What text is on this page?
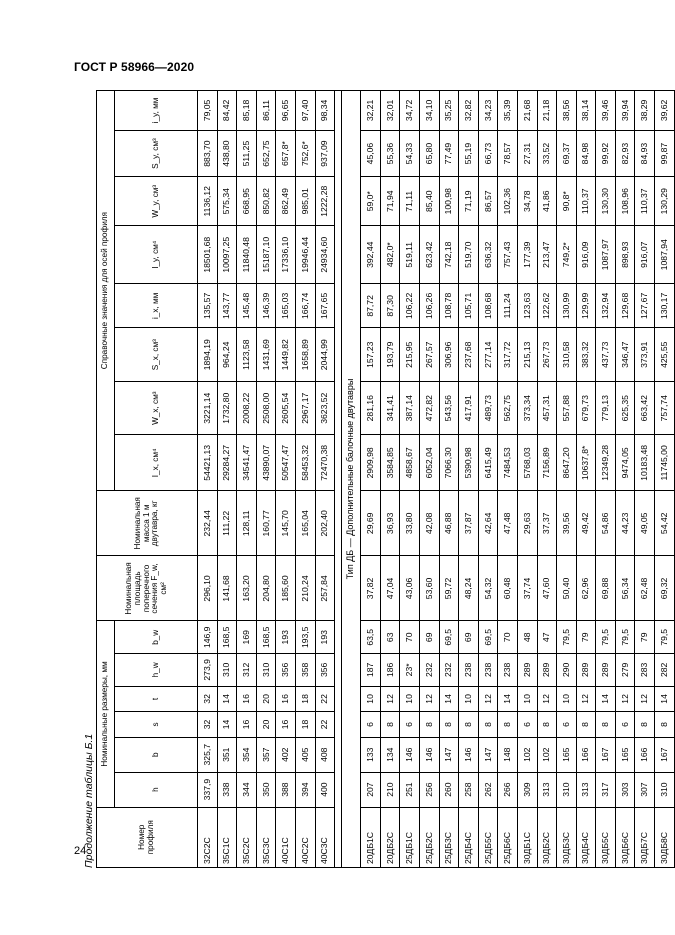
ГОСТ Р 58966—2020
24
Продолжение таблицы Б.1	Номер профиля	Номинальные размеры, мм						Номинальная площадь поперечного сечения F_w, см²	Номинальная масса 1 м двутавра, кг	Справочные значения для осей профиля							
	h	b	s	t	h_w	b_w			I_x, см⁴	W_x, см³	S_x, см³	i_x, мм	I_y, см⁴	W_y, см³	S_y, см³	i_y, мм
32С2С	337,9	325,7	32	32	273,9	146,9	296,10	232,44	54421,13	3221,14	1894,19	135,57	18501,68	1136,12	883,70	79,05
35С1С	338	351	14	14	310	168,5	141,68	111,22	29284,27	1732,80	964,24	143,77	10097,25	575,34	438,80	84,42
35С2С	344	354	16	16	312	169	163,20	128,11	34541,47	2008,22	1123,58	145,48	11840,48	668,95	511,25	85,18
35С3С	350	357	20	20	310	168,5	204,80	160,77	43890,07	2508,00	1431,69	146,39	15187,10	850,82	652,75	86,11
40С1С	388	402	16	16	356	193	185,60	145,70	50547,47	2605,54	1449,82	165,03	17336,10	862,49	657,8*	96,65
40С2С	394	405	18	18	358	193,5	210,24	165,04	58453,32	2967,17	1658,89	166,74	19946,44	985,01	752,6*	97,40
40С3С	400	408	22	22	356	193	257,84	202,40	72470,38	3623,52	2044,99	167,65	24934,60	1222,28	937,09	98,34

Тип ДБ — Дополнительные балочные двутавры																
20ДБ1С	207	133	6	10	187	63,5	37,82	29,69	2909,98	281,16	157,23	87,72	392,44	59,0*	45,06	32,21
20ДБ2С	210	134	8	12	186	63	47,04	36,93	3584,85	341,41	193,79	87,30	482,0*	71,94	55,36	32,01
25ДБ1С	251	146	6	10	23*	70	43,06	33,80	4858,67	387,14	215,95	106,22	519,11	71,11	54,33	34,72
25ДБ2С	256	146	8	12	232	69	53,60	42,08	6052,04	472,82	267,57	106,26	623,42	85,40	65,80	34,10
25ДБ3С	260	147	8	14	232	69,5	59,72	46,88	7066,30	543,56	306,96	108,78	742,18	100,98	77,49	35,25
25ДБ4С	258	146	8	10	238	69	48,24	37,87	5390,98	417,91	237,68	105,71	519,70	71,19	55,19	32,82
25ДБ5С	262	147	8	12	238	69,5	54,32	42,64	6415,49	489,73	277,14	108,68	636,32	86,57	66,73	34,23
25ДБ6С	266	148	8	14	238	70	60,48	47,48	7484,53	562,75	317,72	111,24	757,43	102,36	78,57	35,39
30ДБ1С	309	102	6	10	289	48	37,74	29,63	5768,03	373,34	215,13	123,63	177,39	34,78	27,31	21,68
30ДБ2С	313	102	8	12	289	47	47,60	37,37	7156,89	457,31	267,73	122,62	213,47	41,86	33,52	21,18
30ДБ3С	310	165	6	10	290	79,5	50,40	39,56	8647,20	557,88	310,58	130,99	749,2*	90,8*	69,37	38,56
30ДБ4С	313	166	8	12	289	79	62,96	49,42	10637,8*	679,73	383,32	129,99	916,09	110,37	84,98	38,14
30ДБ5С	317	167	8	14	289	79,5	69,88	54,86	12349,28	779,13	437,73	132,94	1087,97	130,30	99,92	39,46
30ДБ6С	303	165	6	12	279	79,5	56,34	44,23	9474,05	625,35	346,47	129,68	898,93	108,96	82,93	39,94
30ДБ7С	307	166	8	12	283	79	62,48	49,05	10183,48	663,42	373,91	127,67	916,07	110,37	84,93	38,29
30ДБ8С	310	167	8	14	282	79,5	69,32	54,42	11745,00	757,74	425,55	130,17	1087,94	130,29	99,87	39,62
